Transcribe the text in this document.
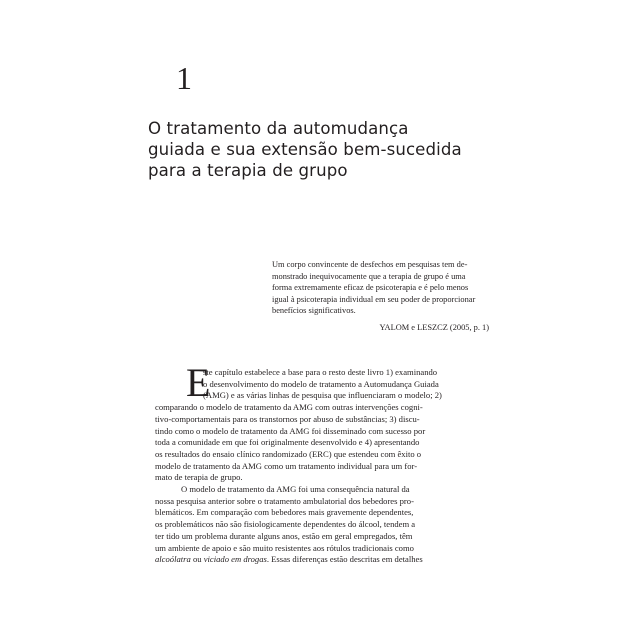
1
O tratamento da automudança
guiada e sua extensão bem-sucedida
para a terapia de grupo
Um corpo convincente de desfechos em pesquisas tem de-
monstrado inequivocamente que a terapia de grupo é uma
forma extremamente eficaz de psicoterapia e é pelo menos
igual à psicoterapia individual em seu poder de proporcionar
benefícios significativos.
YALOM e LESZCZ (2005, p. 1)
E
ste capítulo estabelece a base para o resto deste livro 1) examinando
o desenvolvimento do modelo de tratamento a Automudança Guiada
(AMG) e as várias linhas de pesquisa que influenciaram o modelo; 2)
comparando o modelo de tratamento da AMG com outras intervenções cogni-
tivo-comportamentais para os transtornos por abuso de substâncias; 3) discu-
tindo como o modelo de tratamento da AMG foi disseminado com sucesso por
toda a comunidade em que foi originalmente desenvolvido e 4) apresentando
os resultados do ensaio clínico randomizado (ERC) que estendeu com êxito o
modelo de tratamento da AMG como um tratamento individual para um for-
mato de terapia de grupo.
O modelo de tratamento da AMG foi uma consequência natural da
nossa pesquisa anterior sobre o tratamento ambulatorial dos bebedores pro-
blemáticos. Em comparação com bebedores mais gravemente dependentes,
os problemáticos não são fisiologicamente dependentes do álcool, tendem a
ter tido um problema durante alguns anos, estão em geral empregados, têm
um ambiente de apoio e são muito resistentes aos rótulos tradicionais como
alcoólatra ou viciado em drogas. Essas diferenças estão descritas em detalhes
